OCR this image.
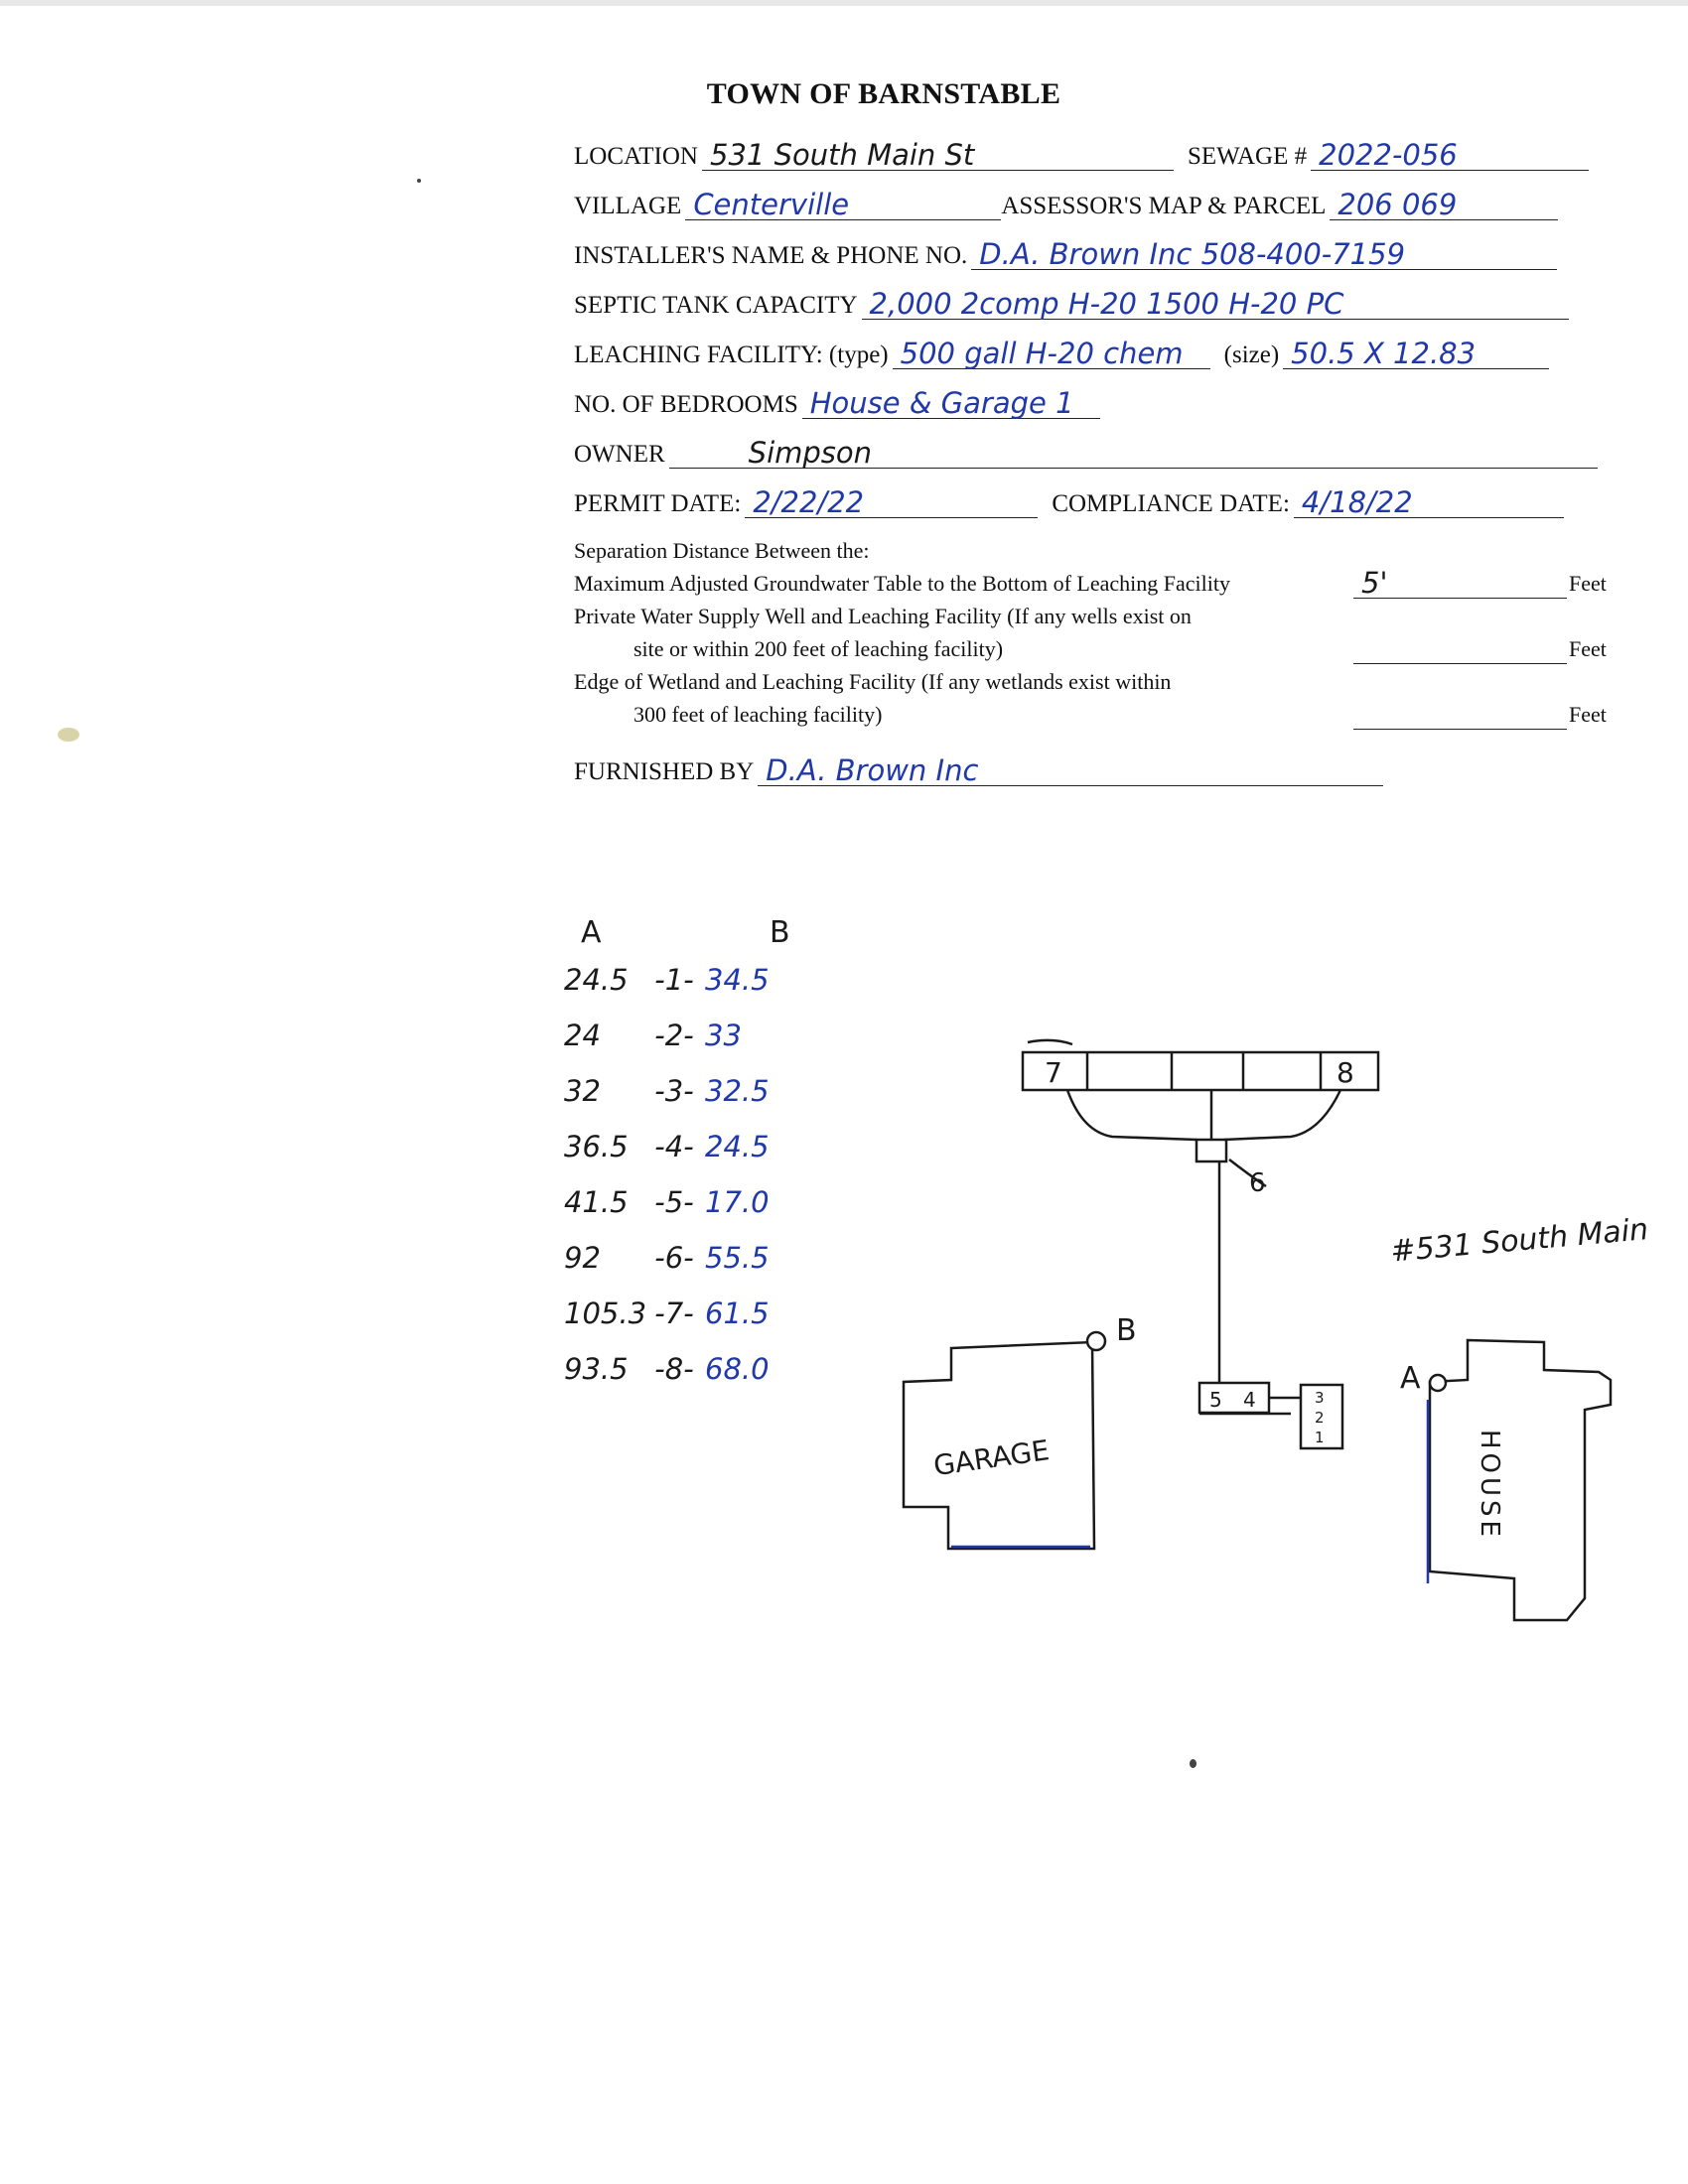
TOWN OF BARNSTABLE
LOCATION 531 South Main St	SEWAGE # 2022-056
VILLAGE Centerville	ASSESSOR'S MAP & PARCEL 206 069
INSTALLER'S NAME & PHONE NO. D.A. Brown Inc 508-400-7159
SEPTIC TANK CAPACITY 2,000 2comp H-20 1500 H-20 PC
LEACHING FACILITY: (type) 500 gall H-20 chem (size) 50.5 X 12.83
NO. OF BEDROOMS House & Garage 1
OWNER	Simpson
PERMIT DATE: 2/22/22	COMPLIANCE DATE: 4/18/22
Separation Distance Between the:
Maximum Adjusted Groundwater Table to the Bottom of Leaching Facility	5'	Feet
Private Water Supply Well and Leaching Facility (If any wells exist on
site or within 200 feet of leaching facility)	Feet
Edge of Wetland and Leaching Facility (If any wetlands exist within
300 feet of leaching facility)	Feet
FURNISHED BY D.A. Brown Inc
A	B
24.5 -1- 34.5
24 -2- 33
32 -3- 32.5
36.5 -4- 24.5
41.5 -5- 17.0
92 -6- 55.5
105.3 -7- 61.5
93.5 -8- 68.0
7	8
6
5 4	3
2
1
B
GARAGE
A
HOUSE
#531 South Main
